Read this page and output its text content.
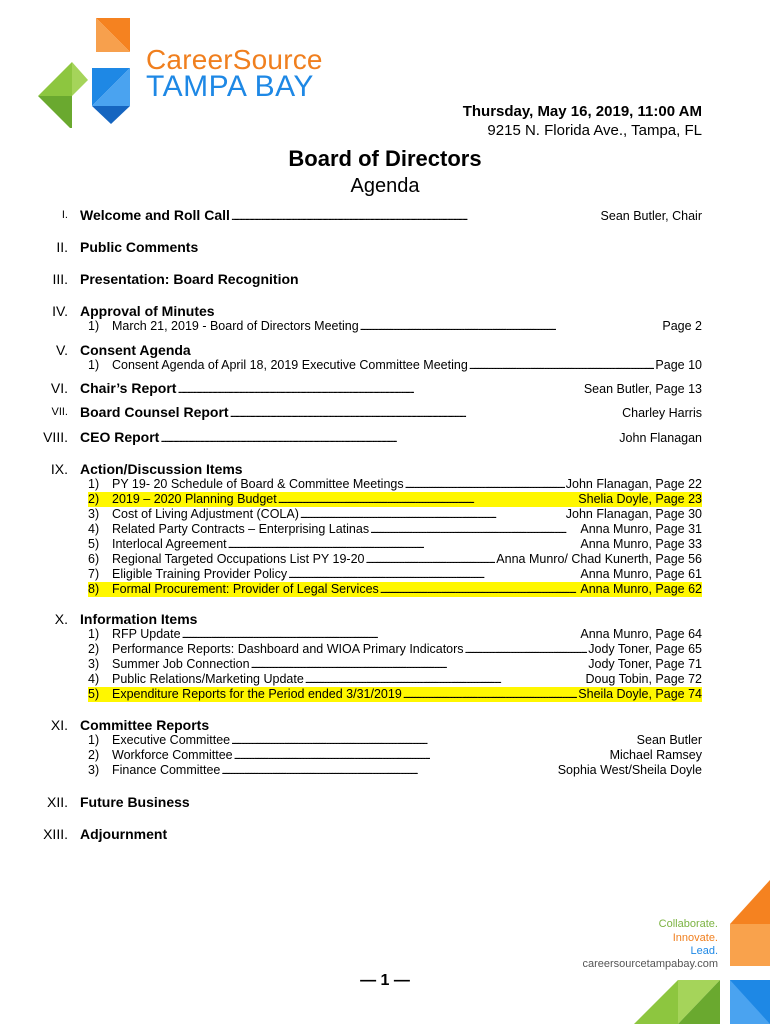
CareerSource
TAMPA BAY
Thursday, May 16, 2019, 11:00 AM
9215 N. Florida Ave., Tampa, FL
Board of Directors
Agenda
I. Welcome and Roll Call . . .	Sean Butler, Chair
II. Public Comments
III. Presentation: Board Recognition
IV. Approval of Minutes
1)	March 21, 2019 - Board of Directors Meeting . . .	Page 2
V. Consent Agenda
1)	Consent Agenda of April 18, 2019 Executive Committee Meeting . . .	Page 10
VI. Chair’s Report . . .	Sean Butler, Page 13
VII. Board Counsel Report . . .	Charley Harris
VIII. CEO Report . . .	John Flanagan
IX. Action/Discussion Items
1)	PY 19- 20 Schedule of Board & Committee Meetings . . .	John Flanagan, Page 22
2)	2019 – 2020 Planning Budget . . .	Shelia Doyle, Page 23
3)	Cost of Living Adjustment (COLA) . . .	John Flanagan, Page 30
4)	Related Party Contracts – Enterprising Latinas . . .	Anna Munro, Page 31
5)	Interlocal Agreement . . .	Anna Munro, Page 33
6)	Regional Targeted Occupations List PY 19-20 . . .	Anna Munro/ Chad Kunerth, Page 56
7)	Eligible Training Provider Policy . . .	Anna Munro, Page 61
8)	Formal Procurement: Provider of Legal Services . . .	Anna Munro, Page 62
X. Information Items
1)	RFP Update . . .	Anna Munro, Page 64
2)	Performance Reports: Dashboard and WIOA Primary Indicators . . .	Jody Toner, Page 65
3)	Summer Job Connection . . .	Jody Toner, Page 71
4)	Public Relations/Marketing Update . . .	Doug Tobin, Page 72
5)	Expenditure Reports for the Period ended 3/31/2019 . . .	Sheila Doyle, Page 74
XI. Committee Reports
1)	Executive Committee . . .	Sean Butler
2)	Workforce Committee . . .	Michael Ramsey
3)	Finance Committee . . .	Sophia West/Sheila Doyle
XII. Future Business
XIII. Adjournment
Collaborate.
Innovate.
Lead.
careersourcetampabay.com
— 1 —
